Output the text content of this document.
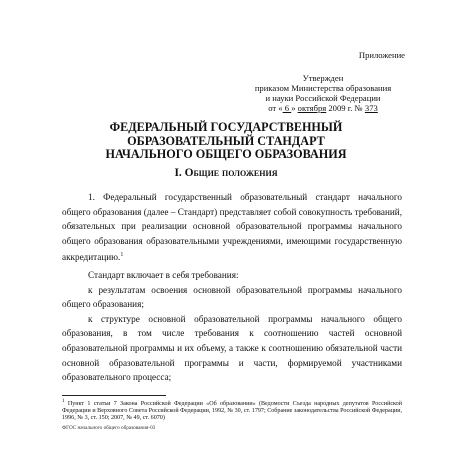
Приложение
Утвержден
приказом Министерства образования
и науки Российской Федерации
от « 6 » октября 2009 г. № 373
ФЕДЕРАЛЬНЫЙ ГОСУДАРСТВЕННЫЙ
ОБРАЗОВАТЕЛЬНЫЙ СТАНДАРТ
НАЧАЛЬНОГО ОБЩЕГО ОБРАЗОВАНИЯ
I. Общие положения

1. Федеральный государственный образовательный стандарт начального общего образования (далее – Стандарт) представляет собой совокупность требований, обязательных при реализации основной образовательной программы начального общего образования образовательными учреждениями, имеющими государственную аккредитацию.$^1$

Стандарт включает в себя требования:

к результатам освоения основной образовательной программы начального общего образования;

к структуре основной образовательной программы начального общего образования, в том числе требования к соотношению частей основной образовательной программы и их объему, а также к соотношению обязательной части основной образовательной программы и части, формируемой участниками образовательного процесса;

$^1$ Пункт 1 статьи 7 Закона Российской Федерации «Об образовании» (Ведомости Съезда народных депутатов Российской Федерации и Верховного Совета Российской Федерации, 1992, № 30, ст. 1797; Собрание законодательства Российской Федерации, 1996, № 3, ст. 150; 2007, № 49, ст. 6070)
ФГОС начального общего образования-03
